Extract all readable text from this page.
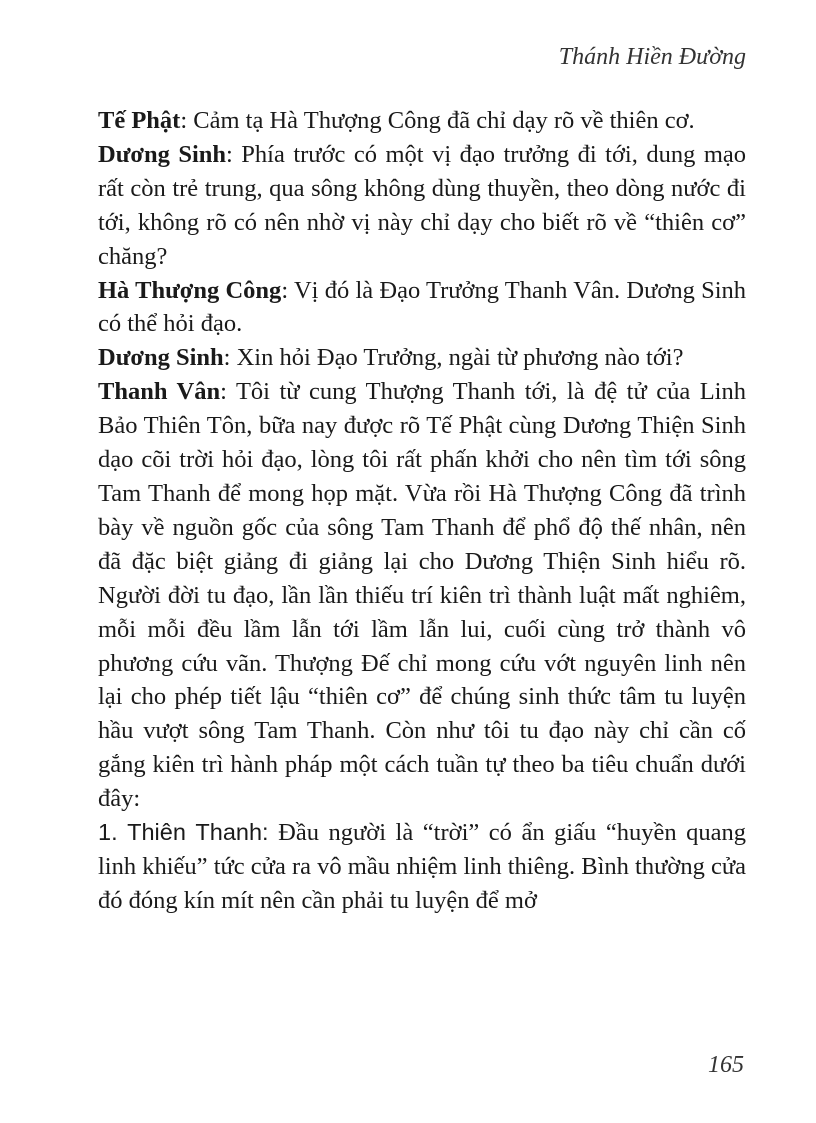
Thánh Hiền Đường

Tế Phật: Cảm tạ Hà Thượng Công đã chỉ dạy rõ về thiên cơ.

Dương Sinh: Phía trước có một vị đạo trưởng đi tới, dung mạo rất còn trẻ trung, qua sông không dùng thuyền, theo dòng nước đi tới, không rõ có nên nhờ vị này chỉ dạy cho biết rõ về “thiên cơ” chăng?

Hà Thượng Công: Vị đó là Đạo Trưởng Thanh Vân. Dương Sinh có thể hỏi đạo.

Dương Sinh: Xin hỏi Đạo Trưởng, ngài từ phương nào tới?

Thanh Vân: Tôi từ cung Thượng Thanh tới, là đệ tử của Linh Bảo Thiên Tôn, bữa nay được rõ Tế Phật cùng Dương Thiện Sinh dạo cõi trời hỏi đạo, lòng tôi rất phấn khởi cho nên tìm tới sông Tam Thanh để mong họp mặt. Vừa rồi Hà Thượng Công đã trình bày về nguồn gốc của sông Tam Thanh để phổ độ thế nhân, nên đã đặc biệt giảng đi giảng lại cho Dương Thiện Sinh hiểu rõ. Người đời tu đạo, lần lần thiếu trí kiên trì thành luật mất nghiêm, mỗi mỗi đều lầm lẫn tới lầm lẫn lui, cuối cùng trở thành vô phương cứu vãn. Thượng Đế chỉ mong cứu vớt nguyên linh nên lại cho phép tiết lậu “thiên cơ” để chúng sinh thức tâm tu luyện hầu vượt sông Tam Thanh. Còn như tôi tu đạo này chỉ cần cố gắng kiên trì hành pháp một cách tuần tự theo ba tiêu chuẩn dưới đây:

1. Thiên Thanh: Đầu người là “trời” có ẩn giấu “huyền quang linh khiếu” tức cửa ra vô mầu nhiệm linh thiêng. Bình thường cửa đó đóng kín mít nên cần phải tu luyện để mở

165
